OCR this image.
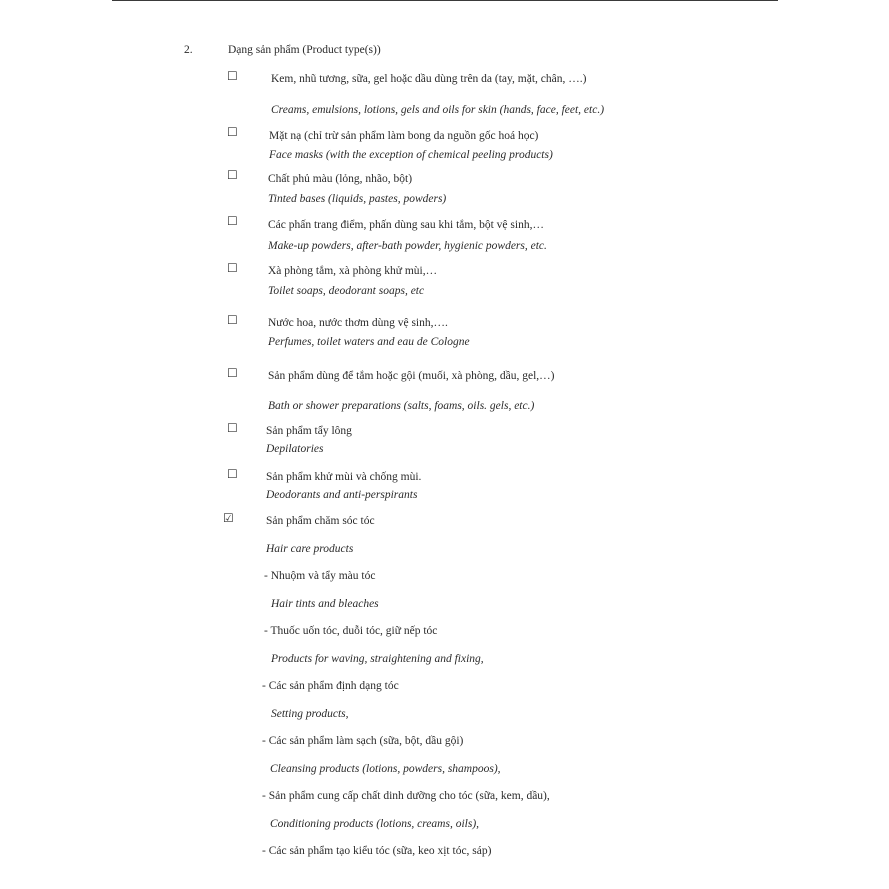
2.	Dạng sản phẩm (Product type(s))
☐	Kem, nhũ tương, sữa, gel hoặc dầu dùng trên da (tay, mặt, chân, ….)
Creams, emulsions, lotions, gels and oils for skin (hands, face, feet, etc.)
☐	Mặt nạ (chỉ trừ sản phẩm làm bong da nguồn gốc hoá học)
Face masks (with the exception of chemical peeling products)
☐	Chất phủ màu (lỏng, nhão, bột)
Tinted bases (liquids, pastes, powders)
☐	Các phấn trang điểm, phấn dùng sau khi tắm, bột vệ sinh,…
Make-up powders, after-bath powder, hygienic powders, etc.
☐	Xà phòng tắm, xà phòng khử mùi,…
Toilet soaps, deodorant soaps, etc
☐	Nước hoa, nước thơm dùng vệ sinh,….
Perfumes, toilet waters and eau de Cologne
☐	Sản phẩm dùng để tắm hoặc gội (muối, xà phòng, dầu, gel,…)
Bath or shower preparations (salts, foams, oils. gels, etc.)
☐ Sản phẩm tẩy lông
Depilatories
☐ Sản phẩm khử mùi và chống mùi.
Deodorants and anti-perspirants
☑	Sản phẩm chăm sóc tóc
Hair care products
- Nhuộm và tẩy màu tóc
Hair tints and bleaches
- Thuốc uốn tóc, duỗi tóc, giữ nếp tóc
Products for waving, straightening and fixing,
- Các sản phẩm định dạng tóc
Setting products,
- Các sản phẩm làm sạch (sữa, bột, dầu gội)
Cleansing products (lotions, powders, shampoos),
- Sản phẩm cung cấp chất dinh dưỡng cho tóc (sữa, kem, dầu),
Conditioning products (lotions, creams, oils),
- Các sản phẩm tạo kiểu tóc (sữa, keo xịt tóc, sáp)
